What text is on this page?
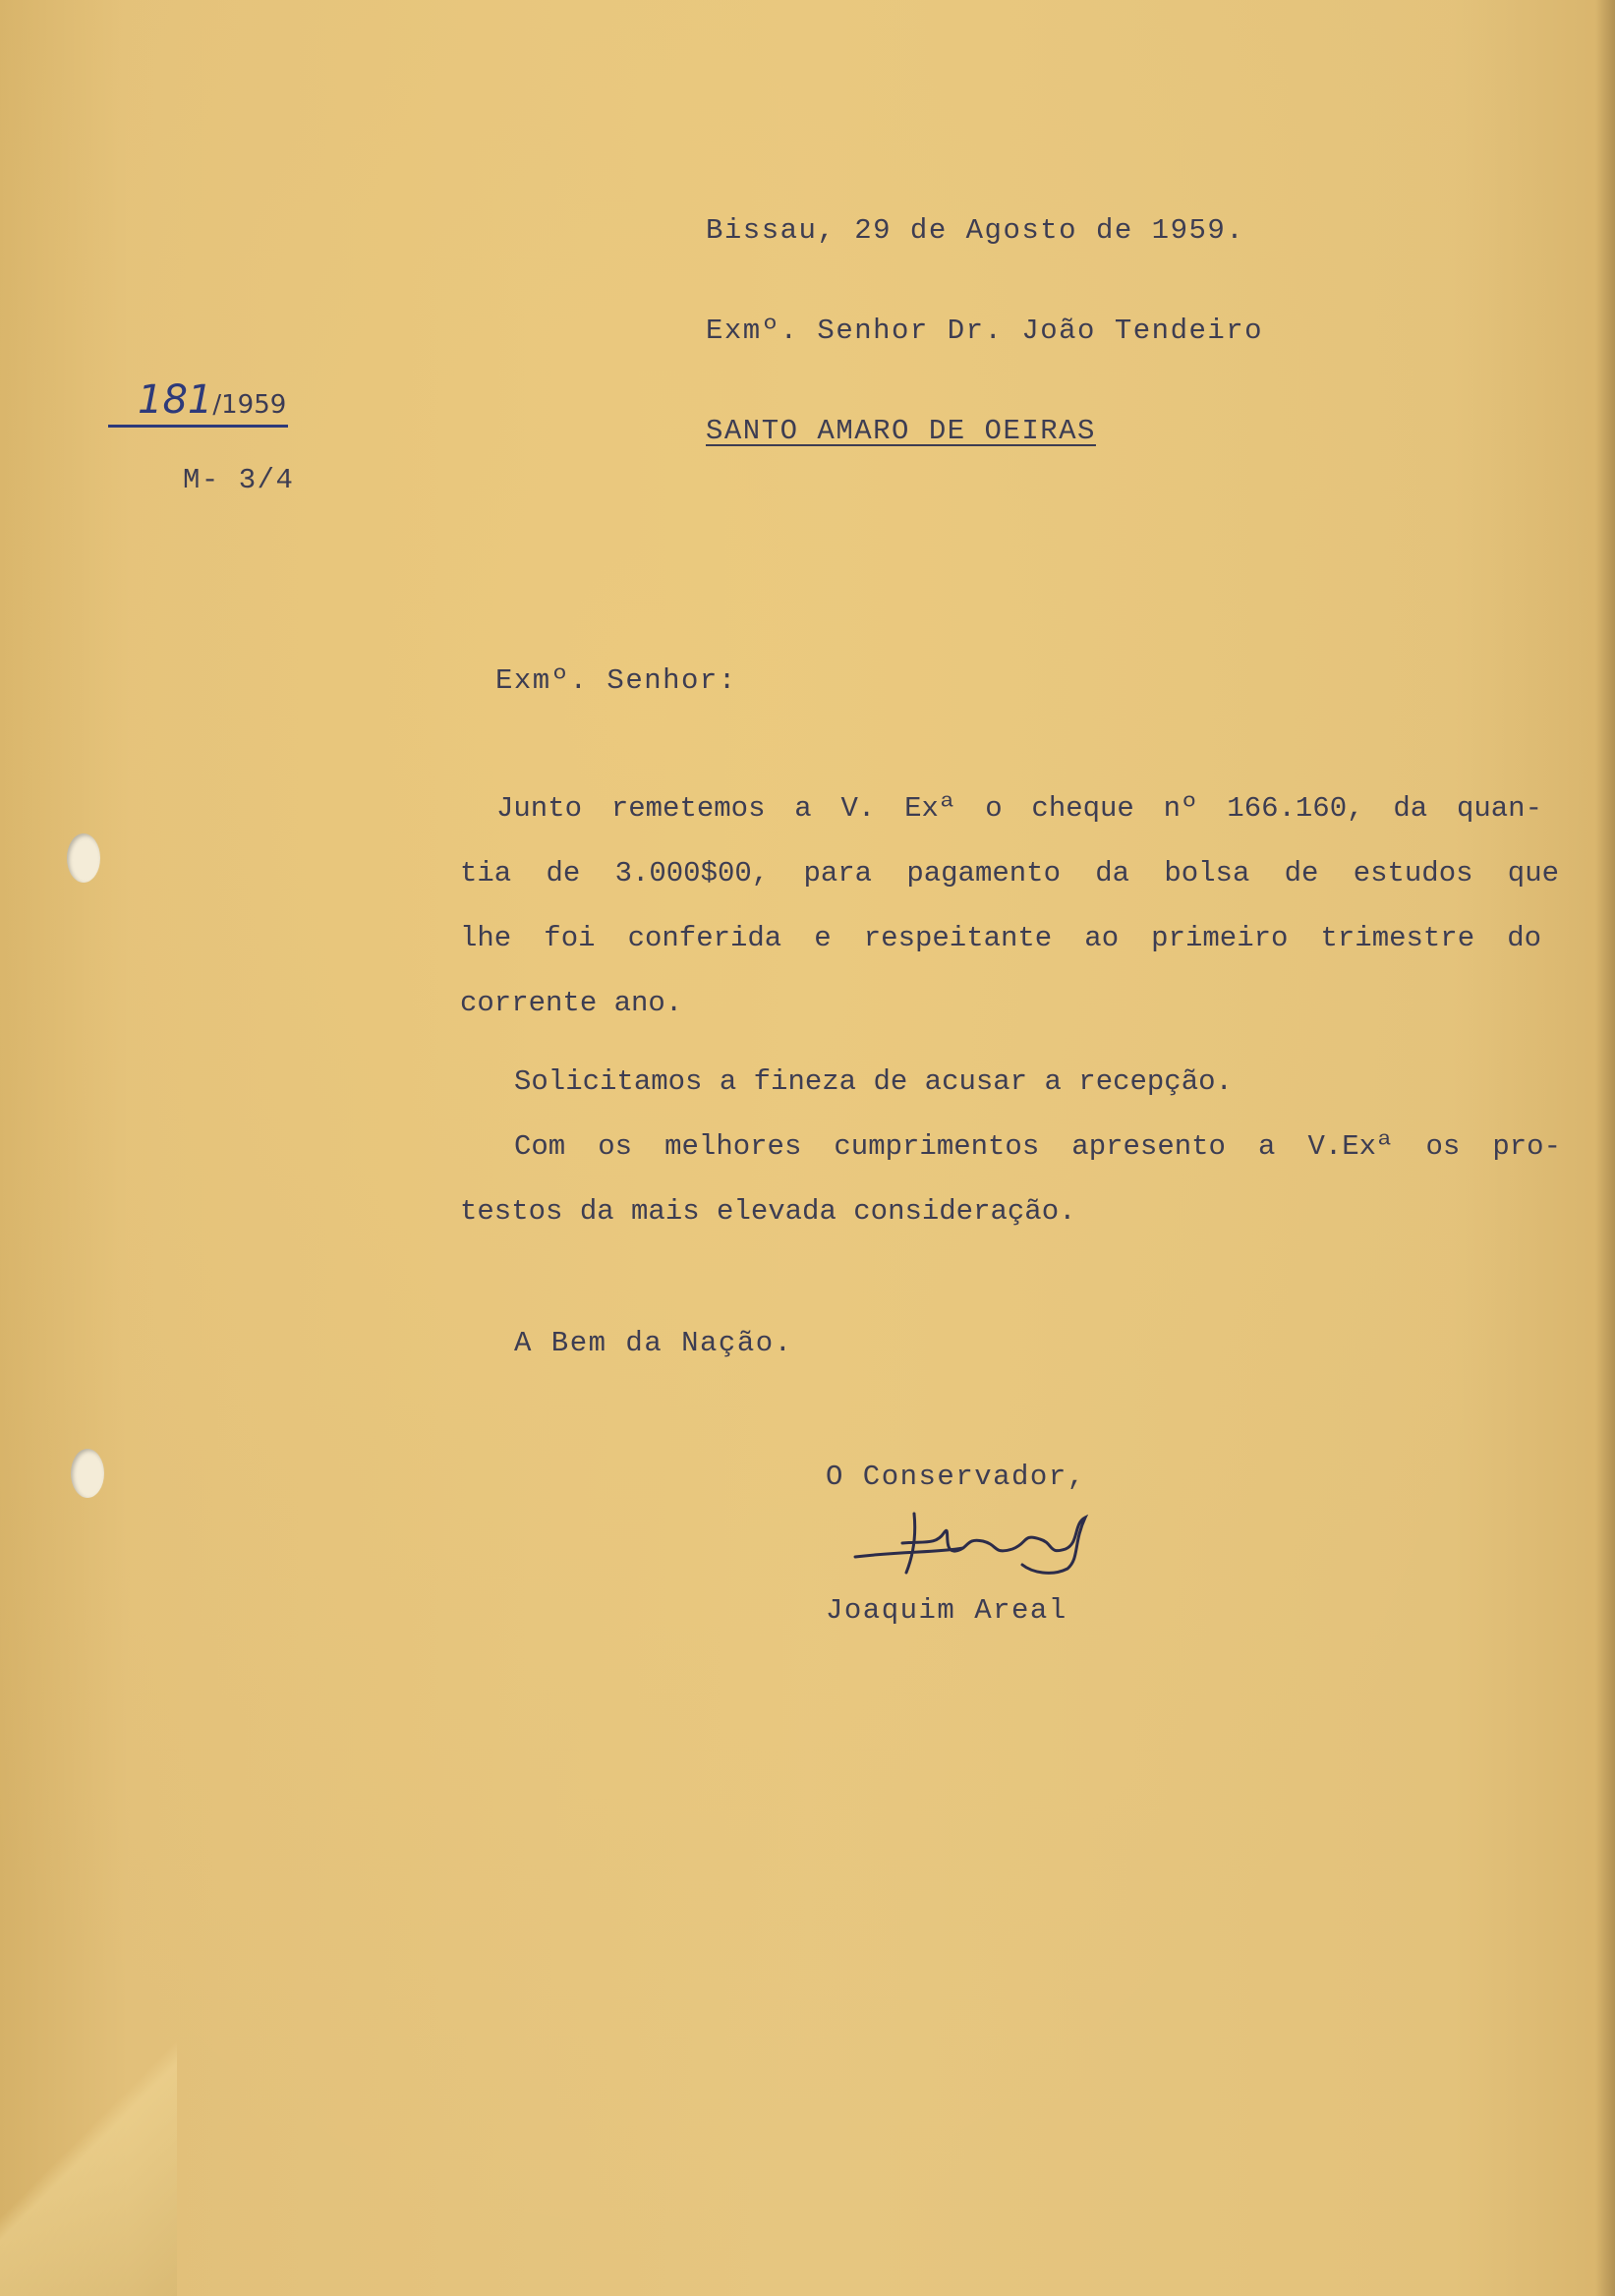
Bissau, 29 de Agosto de 1959.
Exmº. Senhor Dr. João Tendeiro
SANTO AMARO DE OEIRAS
181/1959
M- 3/4
Exmº. Senhor:
Junto remetemos a V. Exª o cheque nº 166.160, da quan-
tia de 3.000$00, para pagamento da bolsa de estudos que
lhe foi conferida e respeitante ao primeiro trimestre do
corrente ano.
Solicitamos a fineza de acusar a recepção.
Com os melhores cumprimentos apresento a V.Exª os pro-
testos da mais elevada consideração.
A Bem da Nação.
O Conservador,
Joaquim Areal
